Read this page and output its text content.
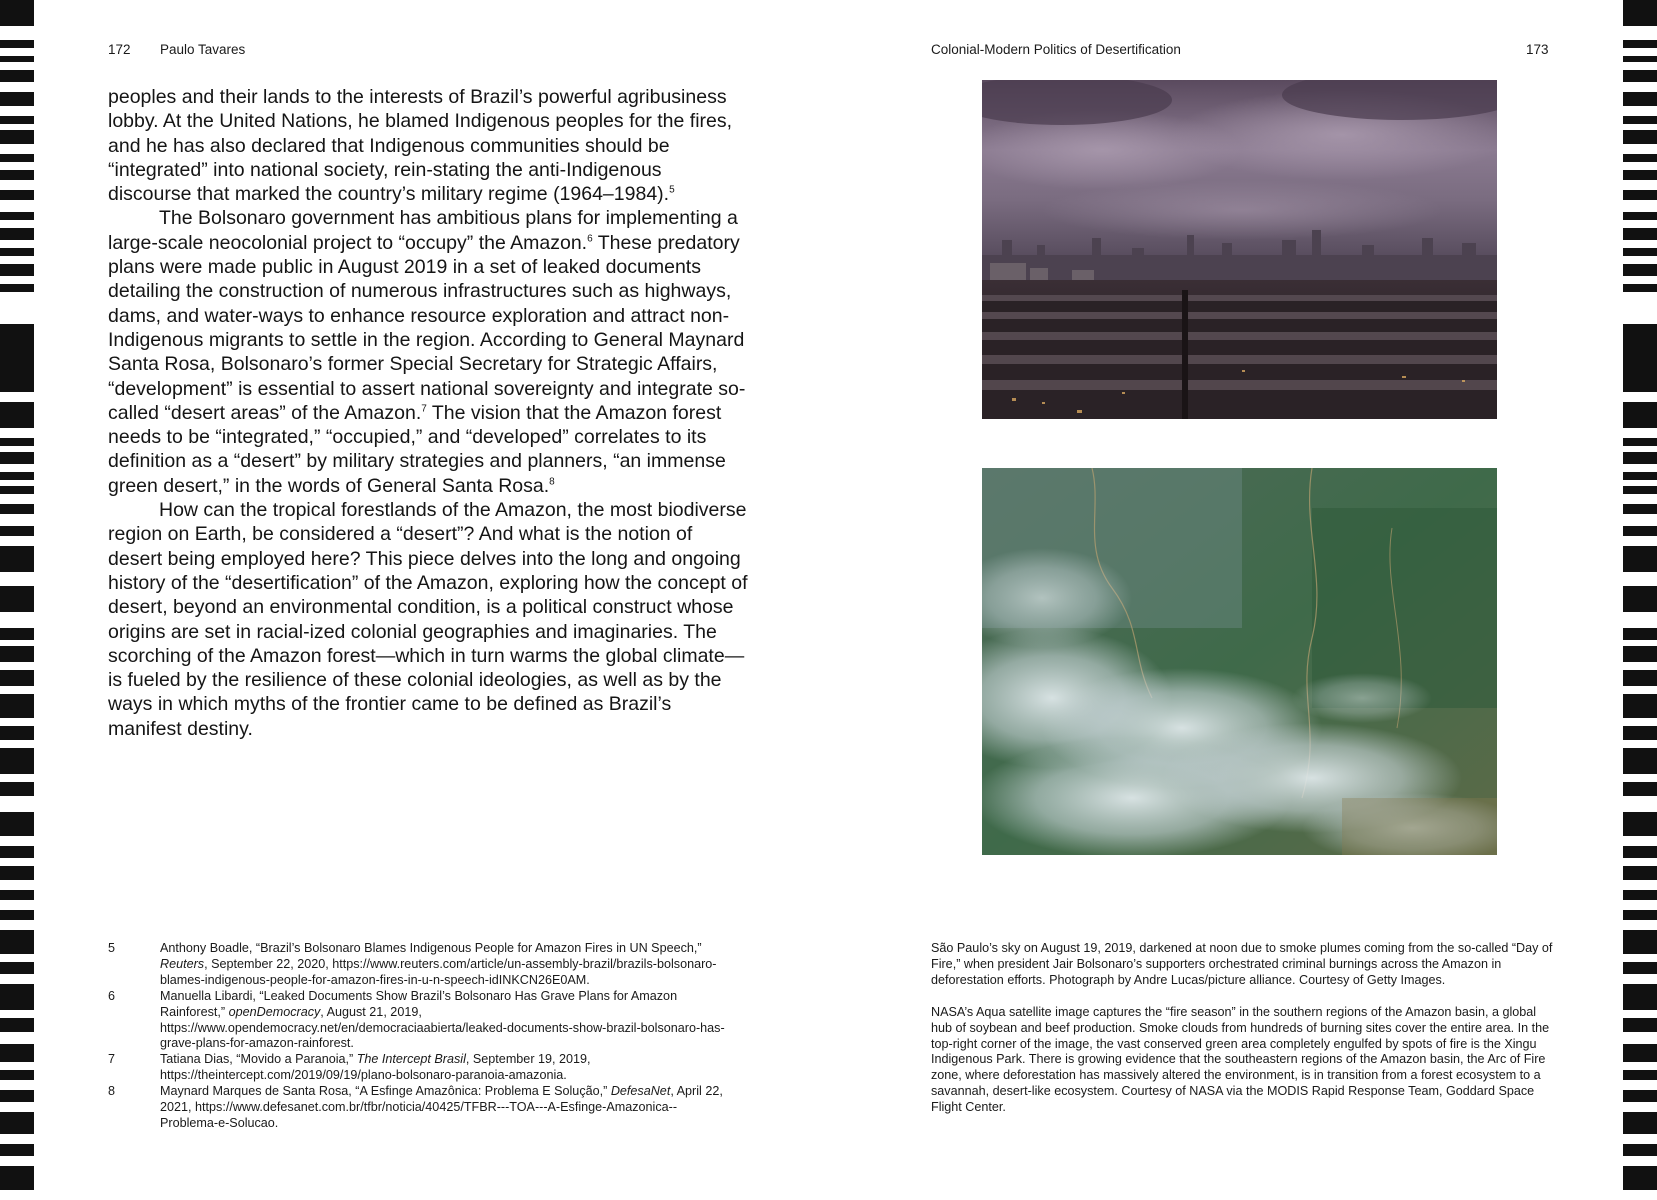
172 Paulo Tavares	Colonial-Modern Politics of Desertification	173

peoples and their lands to the interests of Brazil’s powerful agribusiness lobby. At the United Nations, he blamed Indigenous peoples for the fires, and he has also declared that Indigenous communities should be “integrated” into national society, rein-stating the anti-Indigenous discourse that marked the country’s military regime (1964–1984).$^5$

The Bolsonaro government has ambitious plans for implementing a large-scale neocolonial project to “occupy” the Amazon.$^6$ These predatory plans were made public in August 2019 in a set of leaked documents detailing the construction of numerous infrastructures such as highways, dams, and water-ways to enhance resource exploration and attract non-Indigenous migrants to settle in the region. According to General Maynard Santa Rosa, Bolsonaro’s former Special Secretary for Strategic Affairs, “development” is essential to assert national sovereignty and integrate so-called “desert areas” of the Amazon.$^7$ The vision that the Amazon forest needs to be “integrated,” “occupied,” and “developed” correlates to its definition as a “desert” by military strategies and planners, “an immense green desert,” in the words of General Santa Rosa.$^8$

How can the tropical forestlands of the Amazon, the most biodiverse region on Earth, be considered a “desert”? And what is the notion of desert being employed here? This piece delves into the long and ongoing history of the “desertification” of the Amazon, exploring how the concept of desert, beyond an environmental condition, is a political construct whose origins are set in racial-ized colonial geographies and imaginaries. The scorching of the Amazon forest—which in turn warms the global climate—is fueled by the resilience of these colonial ideologies, as well as by the ways in which myths of the frontier came to be defined as Brazil’s manifest destiny.

5	Anthony Boadle, “Brazil’s Bolsonaro Blames Indigenous People for Amazon Fires in UN Speech,” Reuters, September 22, 2020, https://www.reuters.com/article/un-assembly-brazil/brazils-bolsonaro-blames-indigenous-people-for-amazon-fires-in-u-n-speech-idINKCN26E0AM.
6	Manuella Libardi, “Leaked Documents Show Brazil’s Bolsonaro Has Grave Plans for Amazon Rainforest,” openDemocracy, August 21, 2019, https://www.opendemocracy.net/en/democraciaabierta/leaked-documents-show-brazil-bolsonaro-has-grave-plans-for-amazon-rainforest.
7	Tatiana Dias, “Movido a Paranoia,” The Intercept Brasil, September 19, 2019, https://theintercept.com/2019/09/19/plano-bolsonaro-paranoia-amazonia.
8	Maynard Marques de Santa Rosa, “A Esfinge Amazônica: Problema E Solução,” DefesaNet, April 22, 2021, https://www.defesanet.com.br/tfbr/noticia/40425/TFBR---TOA---A-Esfinge-Amazonica--Problema-e-Solucao.

São Paulo’s sky on August 19, 2019, darkened at noon due to smoke plumes coming from the so-called “Day of Fire,” when president Jair Bolsonaro’s supporters orchestrated criminal burnings across the Amazon in deforestation efforts. Photograph by Andre Lucas/picture alliance. Courtesy of Getty Images.

NASA’s Aqua satellite image captures the “fire season” in the southern regions of the Amazon basin, a global hub of soybean and beef production. Smoke clouds from hundreds of burning sites cover the entire area. In the top-right corner of the image, the vast conserved green area completely engulfed by spots of fire is the Xingu Indigenous Park. There is growing evidence that the southeastern regions of the Amazon basin, the Arc of Fire zone, where deforestation has massively altered the environment, is in transition from a forest ecosystem to a savannah, desert-like ecosystem. Courtesy of NASA via the MODIS Rapid Response Team, Goddard Space Flight Center.
